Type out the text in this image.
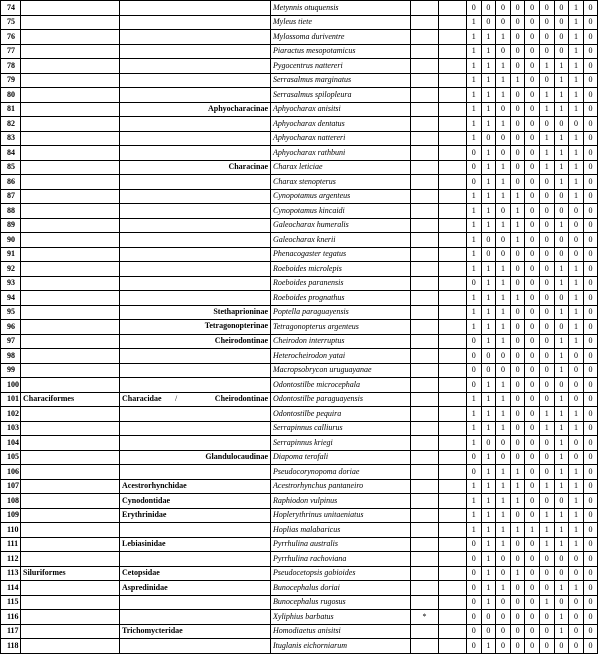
74			Metynnis otuquensis			0	0	0	0	0	0	0	1	0
75			Myleus tiete			1	0	0	0	0	0	0	1	0
76			Mylossoma duriventre			1	1	1	0	0	0	0	1	0
77			Piaractus mesopotamicus			1	1	0	0	0	0	0	1	0
78			Pygocentrus nattereri			1	1	1	0	0	1	1	1	0
79			Serrasalmus marginatus			1	1	1	1	0	0	1	1	0
80			Serrasalmus spilopleura			1	1	1	0	0	1	1	1	0
81		Aphyocharacinae	Aphyocharax anisitsi			1	1	0	0	0	1	1	1	0
82			Aphyocharax dentatus			1	1	1	0	0	0	0	0	0
83			Aphyocharax nattereri			1	0	0	0	0	1	1	1	0
84			Aphyocharax rathbuni			0	1	0	0	0	1	1	1	0
85		Characinae	Charax leticiae			0	1	1	0	0	1	1	1	0
86			Charax stenopterus			0	1	1	0	0	0	1	1	0
87			Cynopotamus argenteus			1	1	1	1	0	0	0	1	0
88			Cynopotamus kincaidi			1	1	0	1	0	0	0	0	0
89			Galeocharax humeralis			1	1	1	1	0	0	1	0	0
90			Galeocharax knerii			1	0	0	1	0	0	0	0	0
91			Phenacogaster tegatus			1	0	0	0	0	0	0	0	0
92			Roeboides microlepis			1	1	1	0	0	0	1	1	0
93			Roeboides paranensis			0	1	1	0	0	0	1	1	0
94			Roeboides prognathus			1	1	1	1	0	0	0	1	0
95		Stethaprioninae	Poptella paraguayensis			1	1	1	0	0	0	1	1	0
96		Tetragonopterinae	Tetragonopterus argenteus			1	1	1	0	0	0	0	1	0
97		Cheirodontinae	Cheirodon interruptus			0	1	1	0	0	0	1	1	0
98			Heterocheirodon yatai			0	0	0	0	0	0	1	0	0
99			Macropsobrycon uruguayanae			0	0	0	0	0	0	1	0	0
100			Odontostilbe microcephala			0	1	1	0	0	0	0	0	0
101	Characiformes	Characidae / Cheirodontinae	Odontostilbe paraguayensis			1	1	1	0	0	0	1	0	0
102			Odontostilbe pequira			1	1	1	0	0	1	1	1	0
103			Serrapinnus calliurus			1	1	1	0	0	1	1	1	0
104			Serrapinnus kriegi			1	0	0	0	0	0	1	0	0
105		Glandulocaudinae	Diapoma terofali			0	1	0	0	0	0	1	0	0
106			Pseudocorynopoma doriae			0	1	1	1	0	0	1	1	0
107		Acestrorhynchidae	Acestrorhynchus pantaneiro			1	1	1	1	0	1	1	1	0
108		Cynodontidae	Raphiodon vulpinus			1	1	1	1	0	0	0	1	0
109		Erythrinidae	Hoplerythrinus unitaeniatus			1	1	1	0	0	1	1	1	0
110			Hoplias malabaricus			1	1	1	1	1	1	1	1	0
111		Lebiasinidae	Pyrrhulina australis			0	1	1	0	0	1	1	1	0
112			Pyrrhulina rachoviana			0	1	0	0	0	0	0	0	0
113	Siluriformes	Cetopsidae	Pseudocetopsis gobioides			0	1	0	1	0	0	0	0	0
114		Aspredinidae	Bunocephalus doriai			0	1	1	0	0	0	1	1	0
115			Bunocephalus rugosus			0	1	0	0	0	1	0	0	0
116			Xyliphius barbatus	*		0	0	0	0	0	0	1	0	0
117		Trichomycteridae	Homodiaetus anisitsi			0	0	0	0	0	0	1	0	0
118			Ituglanis eichorniarum			0	1	0	0	0	0	0	0	0
